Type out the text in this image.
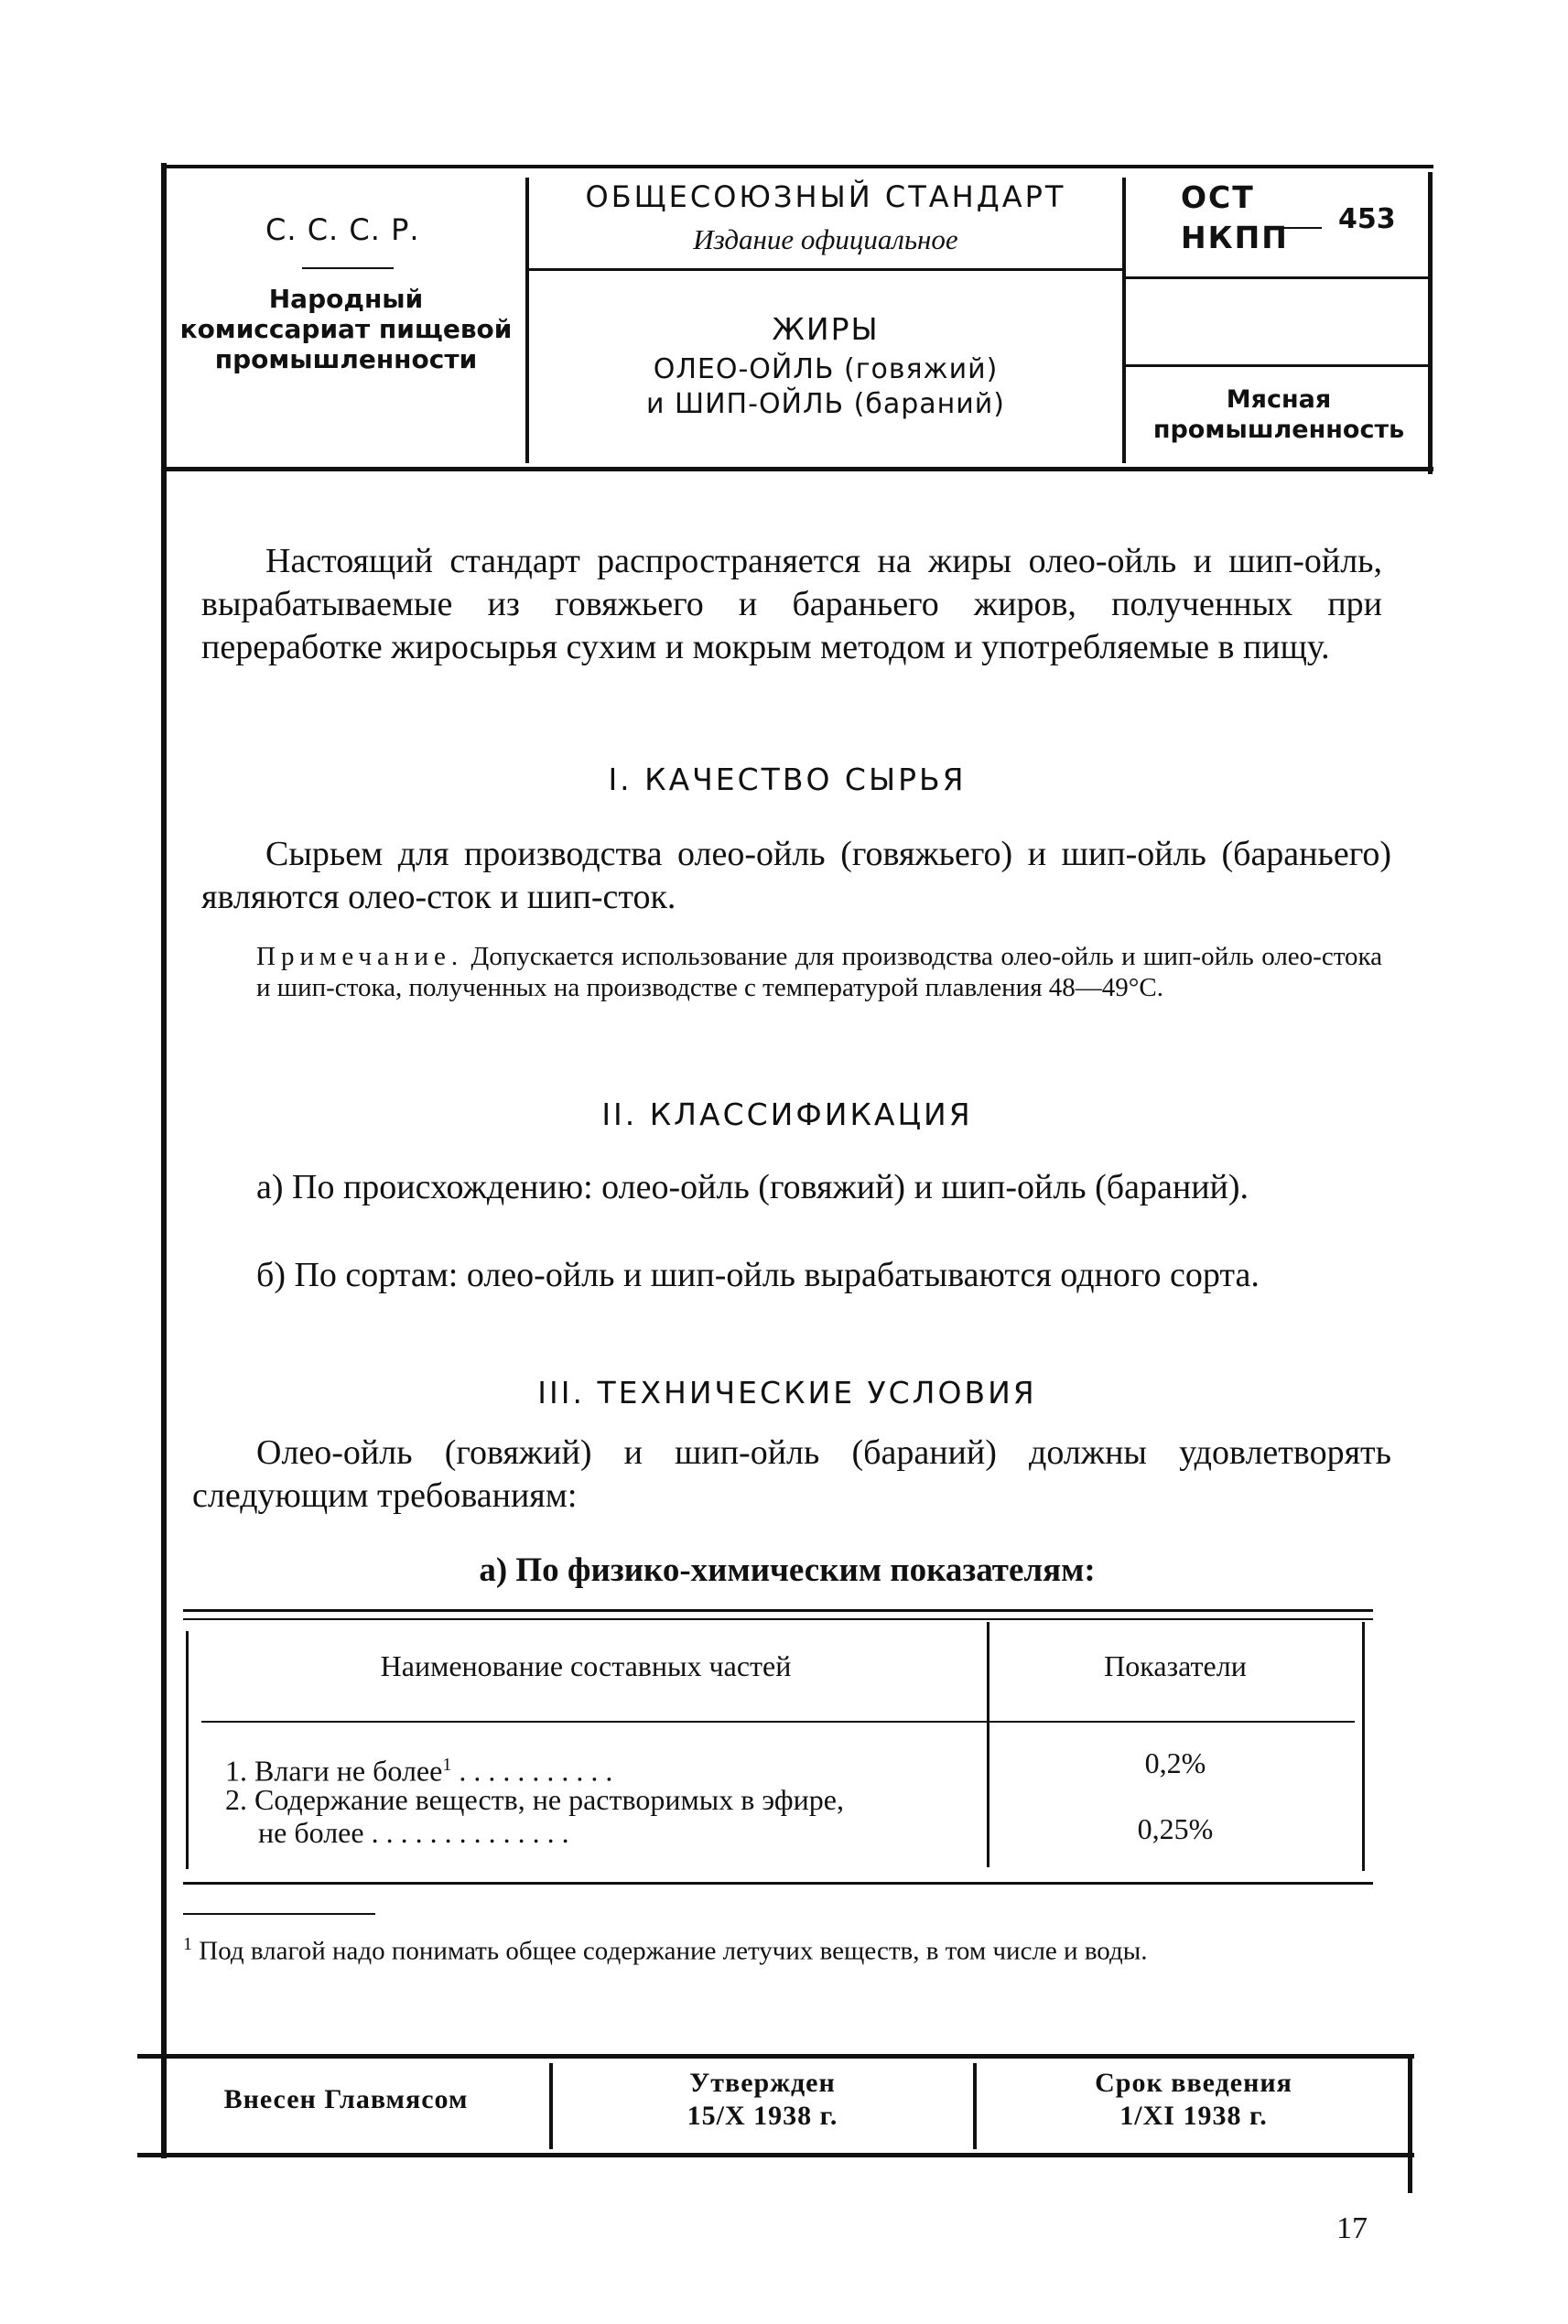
С. С. С. Р.
Народный комиссариат пищевой промышленности
ОБЩЕСОЮЗНЫЙ СТАНДАРТ
Издание официальное
ЖИРЫ
ОЛЕО-ОЙЛЬ (говяжий)
и ШИП-ОЙЛЬ (бараний)
ОСТ
НКПП
453
Мясная промышленность
Настоящий стандарт распространяется на жиры олео-ойль и шип-ойль, вырабатываемые из говяжьего и бараньего жиров, полученных при переработке жиросырья сухим и мокрым методом и употребляемые в пищу.
I. КАЧЕСТВО СЫРЬЯ
Сырьем для производства олео-ойль (говяжьего) и шип-ойль (бараньего) являются олео-сток и шип-сток.
Примечание. Допускается использование для производства олео-ойль и шип-ойль олео-стока и шип-стока, полученных на производстве с температурой плавления 48—49°С.
II. КЛАССИФИКАЦИЯ
а) По происхождению: олео-ойль (говяжий) и шип-ойль (бараний).
б) По сортам: олео-ойль и шип-ойль вырабатываются одного сорта.
III. ТЕХНИЧЕСКИЕ УСЛОВИЯ
Олео-ойль (говяжий) и шип-ойль (бараний) должны удовлетворять следующим требованиям:
а) По физико-химическим показателям:
Наименование составных частей	Показатели
1. Влаги не более$^1$ . . . . . . . . . . .
2. Содержание веществ, не растворимых в эфире,
не более . . . . . . . . . . . . . .
0,2%
0,25%
$^1$ Под влагой надо понимать общее содержание летучих веществ, в том числе и воды.
Внесен Главмясом
Утвержден
15/X 1938 г.
Срок введения
1/XI 1938 г.
17
